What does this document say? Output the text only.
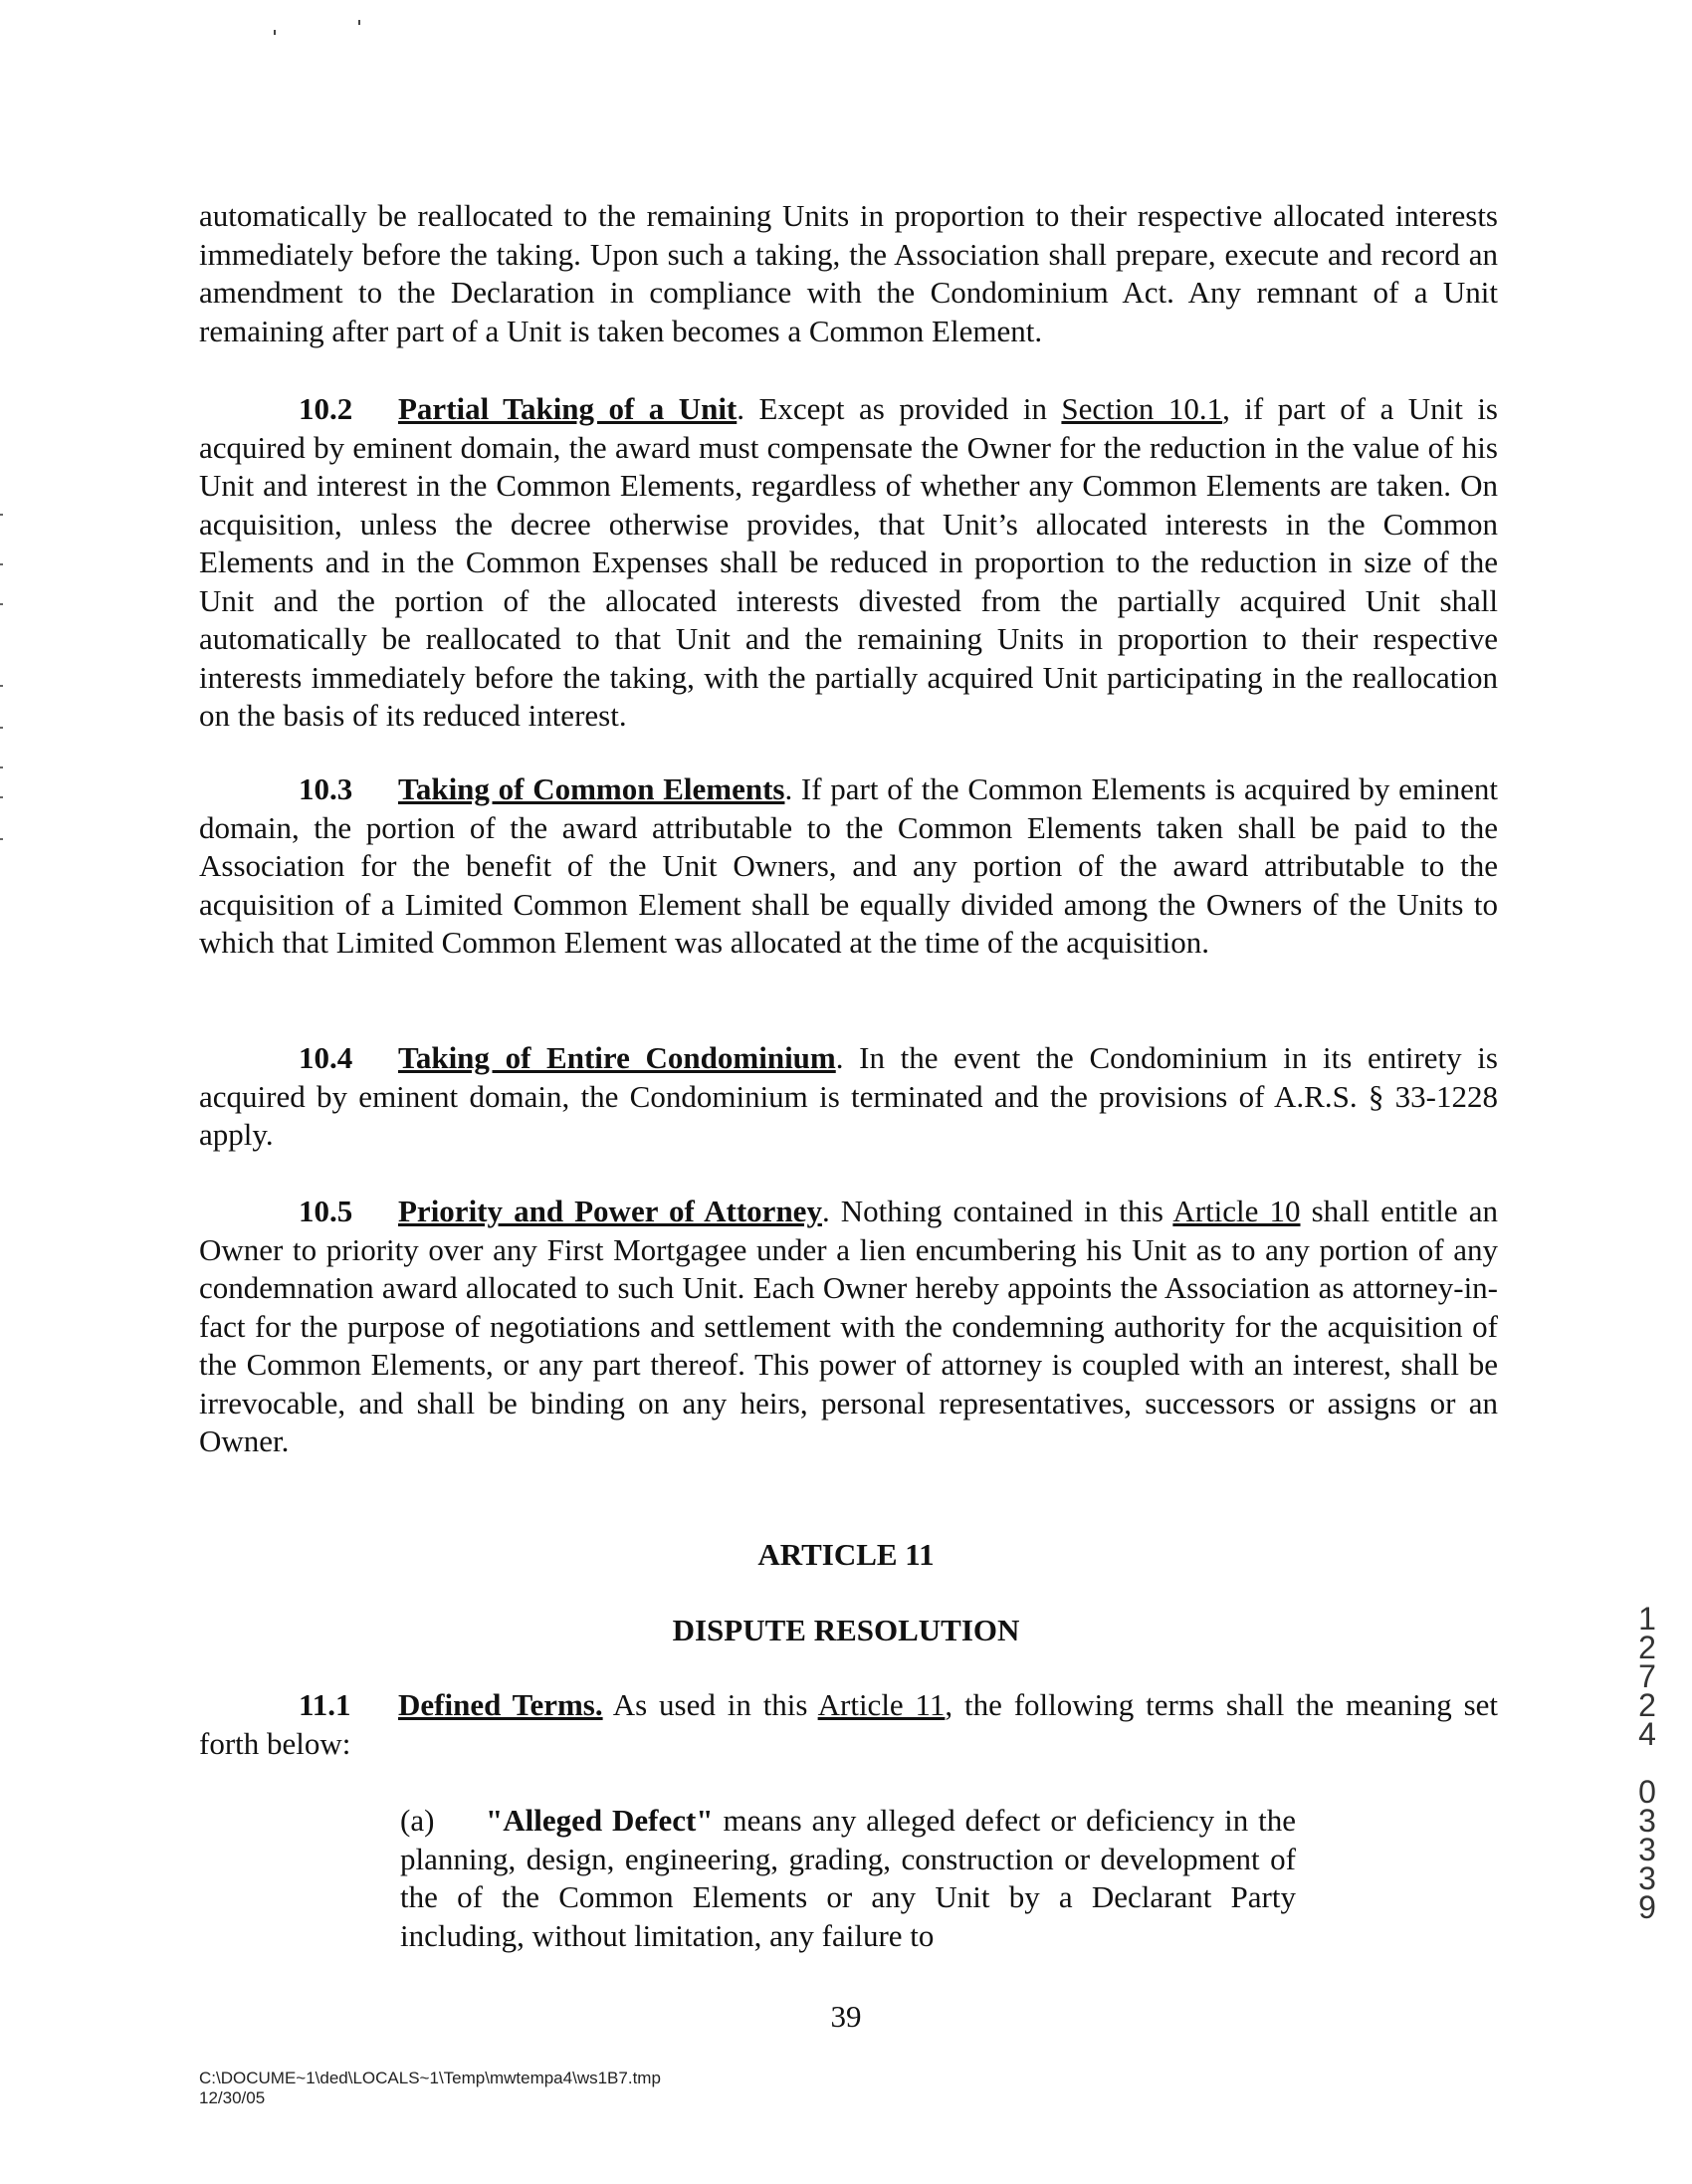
automatically be reallocated to the remaining Units in proportion to their respective allocated interests immediately before the taking. Upon such a taking, the Association shall prepare, execute and record an amendment to the Declaration in compliance with the Condominium Act. Any remnant of a Unit remaining after part of a Unit is taken becomes a Common Element.

10.2 Partial Taking of a Unit. Except as provided in Section 10.1, if part of a Unit is acquired by eminent domain, the award must compensate the Owner for the reduction in the value of his Unit and interest in the Common Elements, regardless of whether any Common Elements are taken. On acquisition, unless the decree otherwise provides, that Unit’s allocated interests in the Common Elements and in the Common Expenses shall be reduced in proportion to the reduction in size of the Unit and the portion of the allocated interests divested from the partially acquired Unit shall automatically be reallocated to that Unit and the remaining Units in proportion to their respective interests immediately before the taking, with the partially acquired Unit participating in the reallocation on the basis of its reduced interest.

10.3 Taking of Common Elements. If part of the Common Elements is acquired by eminent domain, the portion of the award attributable to the Common Elements taken shall be paid to the Association for the benefit of the Unit Owners, and any portion of the award attributable to the acquisition of a Limited Common Element shall be equally divided among the Owners of the Units to which that Limited Common Element was allocated at the time of the acquisition.

10.4 Taking of Entire Condominium. In the event the Condominium in its entirety is acquired by eminent domain, the Condominium is terminated and the provisions of A.R.S. § 33-1228 apply.

10.5 Priority and Power of Attorney. Nothing contained in this Article 10 shall entitle an Owner to priority over any First Mortgagee under a lien encumbering his Unit as to any portion of any condemnation award allocated to such Unit. Each Owner hereby appoints the Association as attorney-in-fact for the purpose of negotiations and settlement with the condemning authority for the acquisition of the Common Elements, or any part thereof. This power of attorney is coupled with an interest, shall be irrevocable, and shall be binding on any heirs, personal representatives, successors or assigns or an Owner.

ARTICLE 11
DISPUTE RESOLUTION

11.1 Defined Terms. As used in this Article 11, the following terms shall the meaning set forth below:

(a) "Alleged Defect" means any alleged defect or deficiency in the planning, design, engineering, grading, construction or development of the of the Common Elements or any Unit by a Declarant Party including, without limitation, any failure to

39
C:\DOCUME~1\ded\LOCALS~1\Temp\mwtempa4\ws1B7.tmp
12/30/05
1
2
7
2
4
0
3
3
3
9
